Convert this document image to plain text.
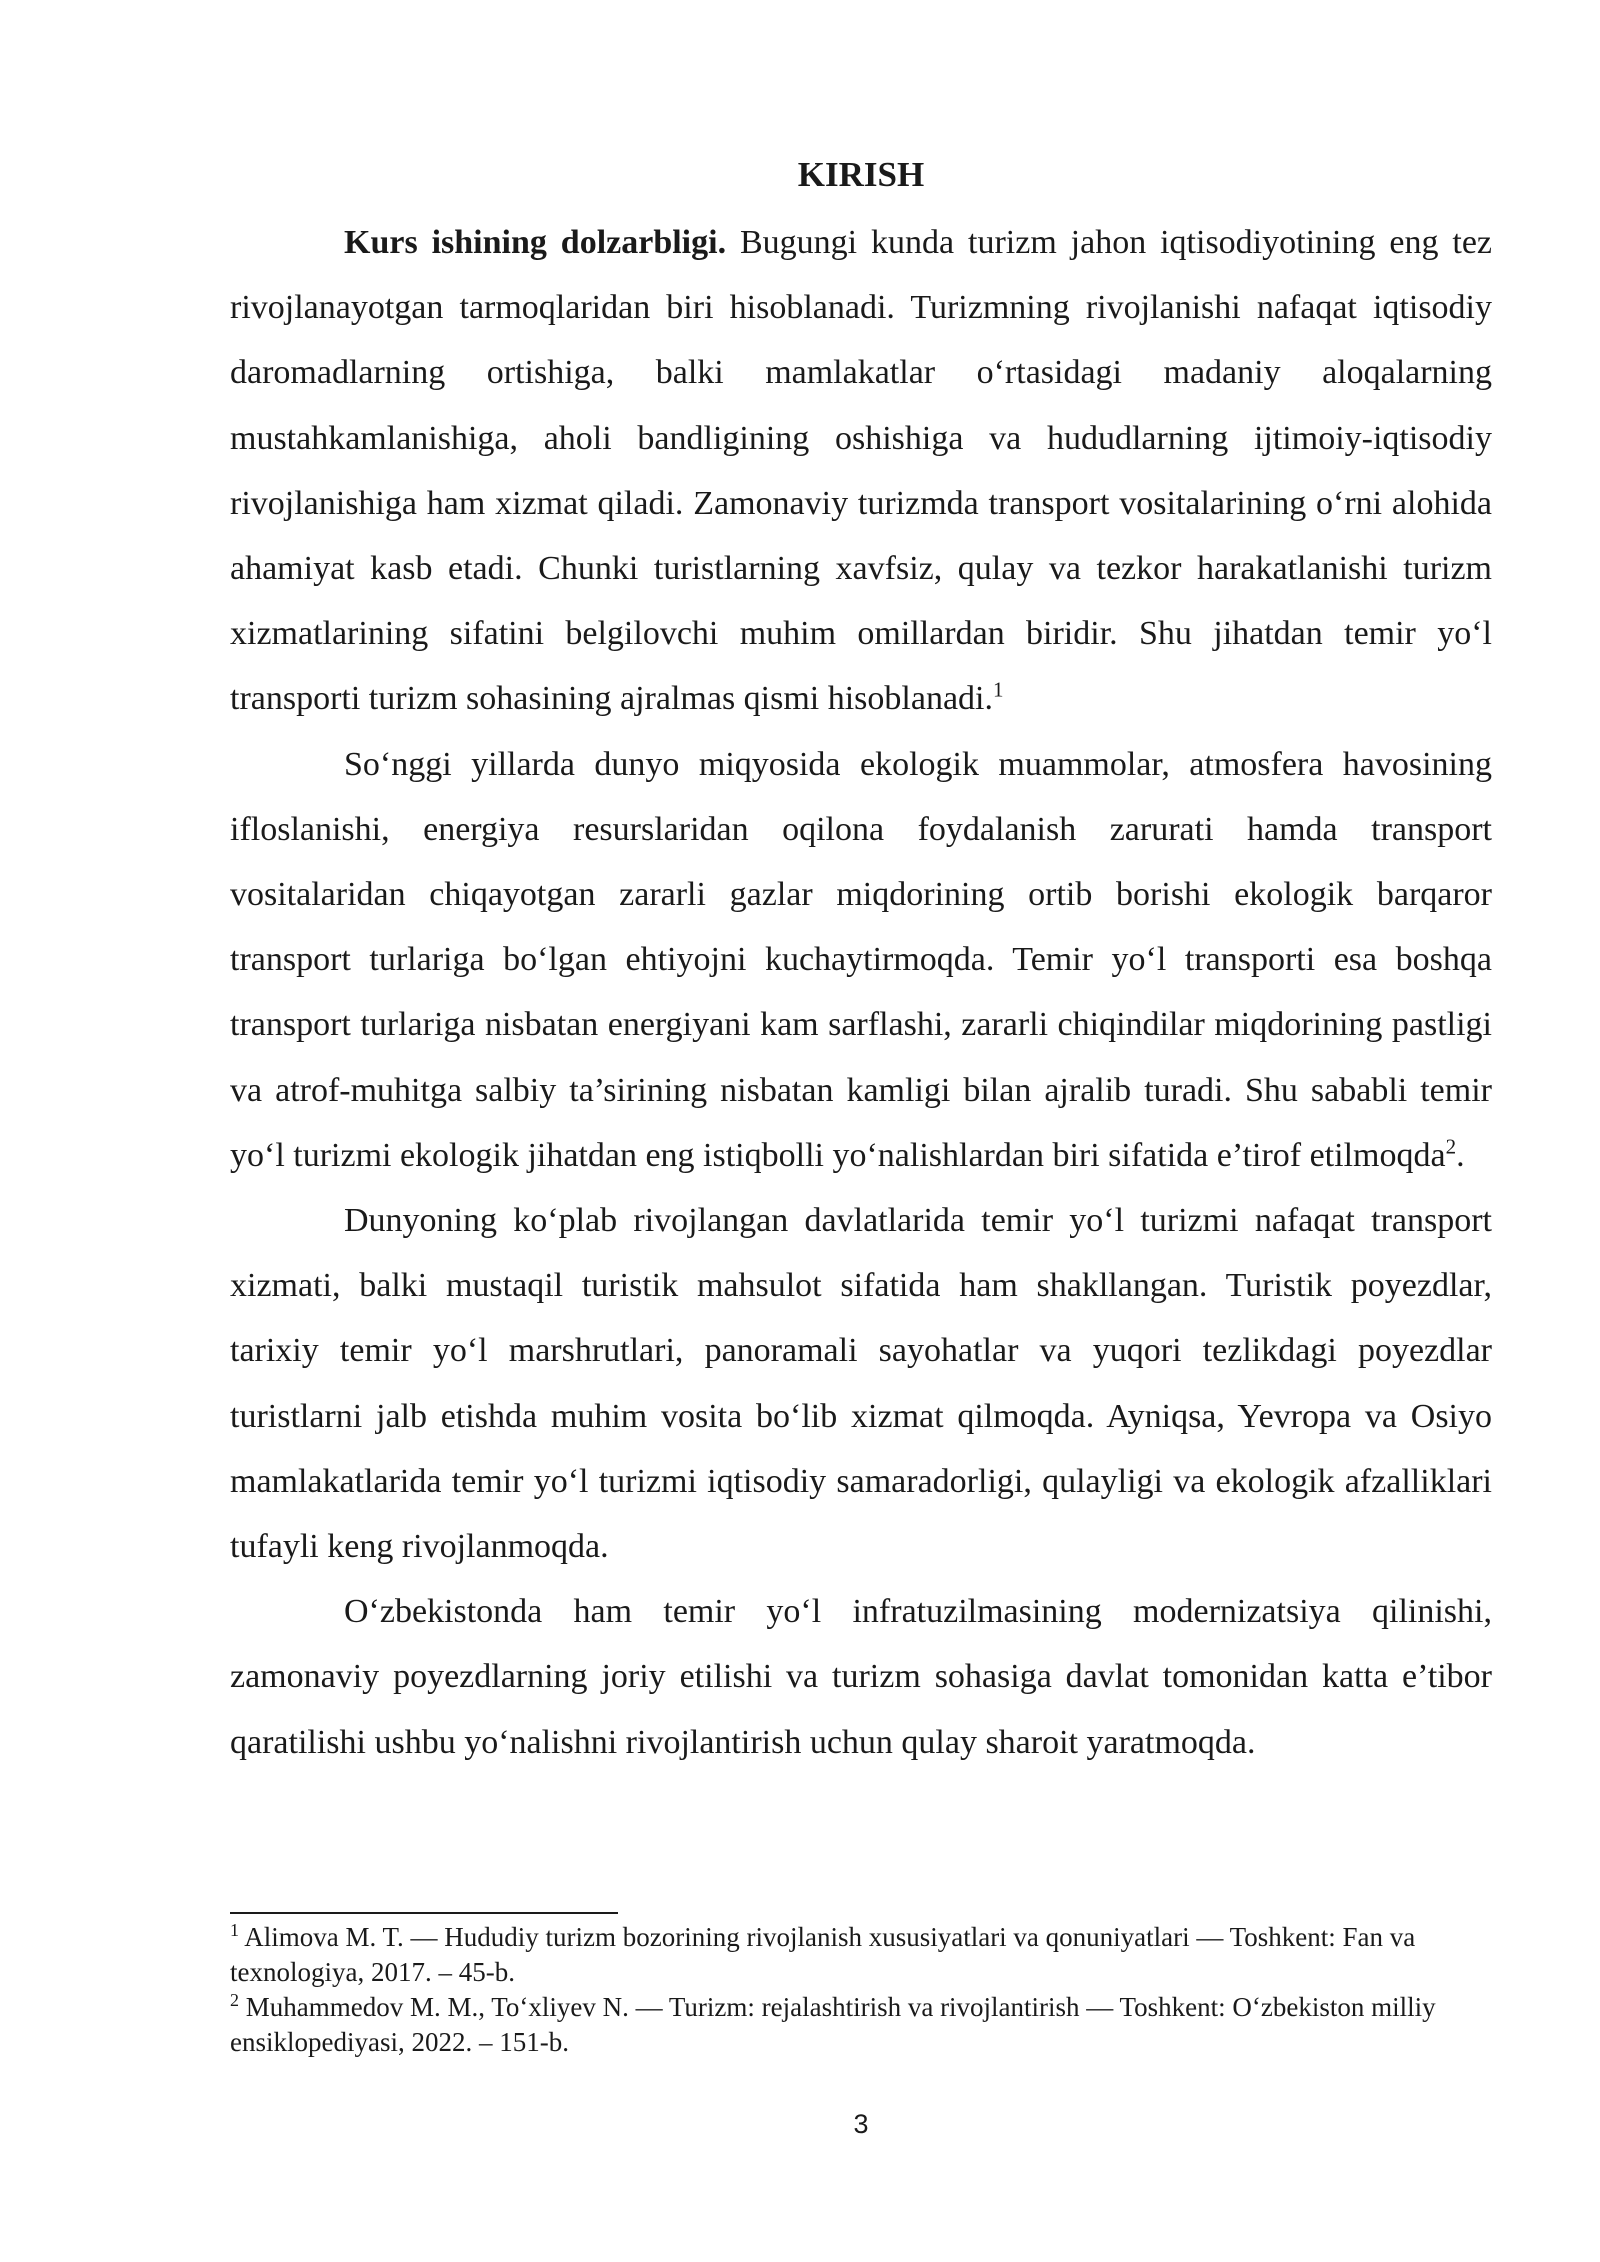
KIRISH

Kurs ishining dolzarbligi. Bugungi kunda turizm jahon iqtisodiyotining eng tez rivojlanayotgan tarmoqlaridan biri hisoblanadi. Turizmning rivojlanishi nafaqat iqtisodiy daromadlarning ortishiga, balki mamlakatlar o‘rtasidagi madaniy aloqalarning mustahkamlanishiga, aholi bandligining oshishiga va hududlarning ijtimoiy-iqtisodiy rivojlanishiga ham xizmat qiladi. Zamonaviy turizmda transport vositalarining o‘rni alohida ahamiyat kasb etadi. Chunki turistlarning xavfsiz, qulay va tezkor harakatlanishi turizm xizmatlarining sifatini belgilovchi muhim omillardan biridir. Shu jihatdan temir yo‘l transporti turizm sohasining ajralmas qismi hisoblanadi.$^1$

So‘nggi yillarda dunyo miqyosida ekologik muammolar, atmosfera havosining ifloslanishi, energiya resurslaridan oqilona foydalanish zarurati hamda transport vositalaridan chiqayotgan zararli gazlar miqdorining ortib borishi ekologik barqaror transport turlariga bo‘lgan ehtiyojni kuchaytirmoqda. Temir yo‘l transporti esa boshqa transport turlariga nisbatan energiyani kam sarflashi, zararli chiqindilar miqdorining pastligi va atrof-muhitga salbiy ta’sirining nisbatan kamligi bilan ajralib turadi. Shu sababli temir yo‘l turizmi ekologik jihatdan eng istiqbolli yo‘nalishlardan biri sifatida e’tirof etilmoqda$^2$.

Dunyoning ko‘plab rivojlangan davlatlarida temir yo‘l turizmi nafaqat transport xizmati, balki mustaqil turistik mahsulot sifatida ham shakllangan. Turistik poyezdlar, tarixiy temir yo‘l marshrutlari, panoramali sayohatlar va yuqori tezlikdagi poyezdlar turistlarni jalb etishda muhim vosita bo‘lib xizmat qilmoqda. Ayniqsa, Yevropa va Osiyo mamlakatlarida temir yo‘l turizmi iqtisodiy samaradorligi, qulayligi va ekologik afzalliklari tufayli keng rivojlanmoqda.

O‘zbekistonda ham temir yo‘l infratuzilmasining modernizatsiya qilinishi, zamonaviy poyezdlarning joriy etilishi va turizm sohasiga davlat tomonidan katta e’tibor qaratilishi ushbu yo‘nalishni rivojlantirish uchun qulay sharoit yaratmoqda.

$^1$ Alimova M. T. — Hududiy turizm bozorining rivojlanish xususiyatlari va qonuniyatlari — Toshkent: Fan va texnologiya, 2017. – 45-b.

$^2$ Muhammedov M. M., To‘xliyev N. — Turizm: rejalashtirish va rivojlantirish — Toshkent: O‘zbekiston milliy ensiklopediyasi, 2022. – 151-b.

3
